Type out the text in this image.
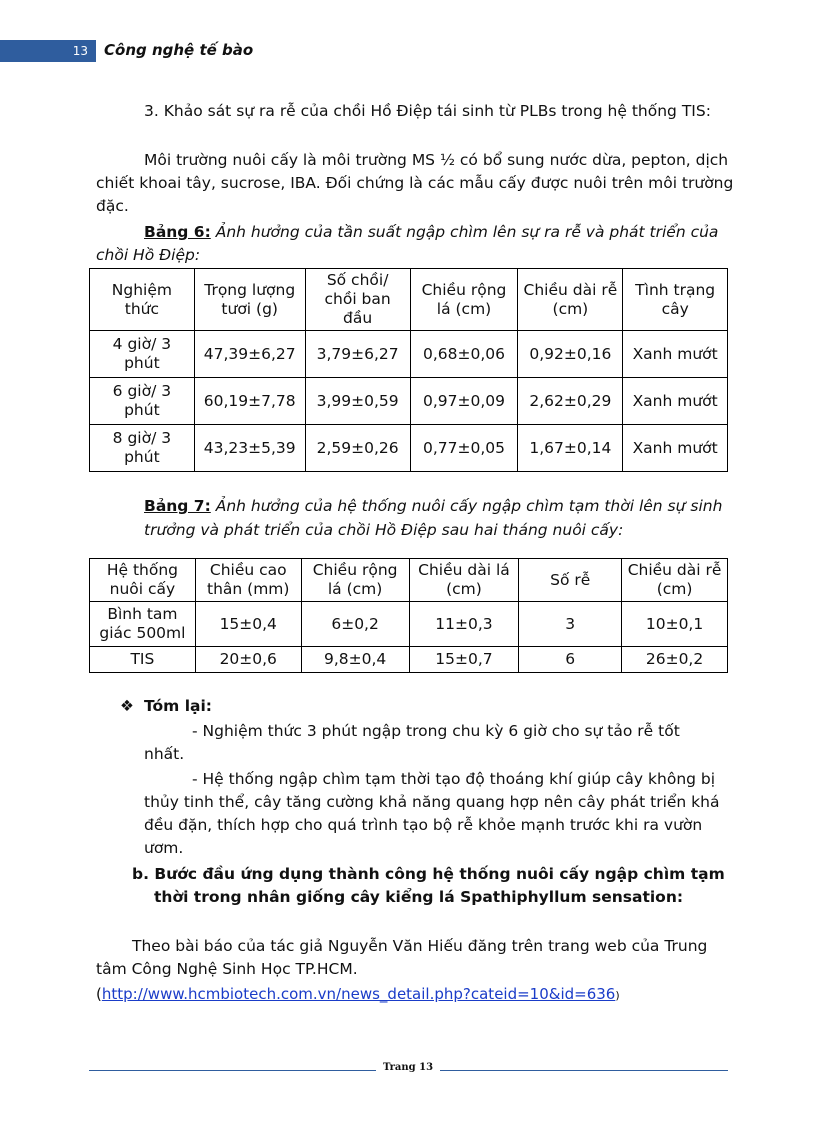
13	Công nghệ tế bào

3. Khảo sát sự ra rễ của chồi Hồ Điệp tái sinh từ PLBs trong hệ thống TIS:

Môi trường nuôi cấy là môi trường MS ½ có bổ sung nước dừa, pepton, dịch chiết khoai tây, sucrose, IBA. Đối chứng là các mẫu cấy được nuôi trên môi trường đặc.

Bảng 6: Ảnh hưởng của tần suất ngập chìm lên sự ra rễ và phát triển của chồi Hồ Điệp:

Nghiệm thức	Trọng lượng tươi (g)	Số chồi/ chồi ban đầu	Chiều rộng lá (cm)	Chiều dài rễ (cm)	Tình trạng cây
4 giờ/ 3 phút	47,39±6,27	3,79±6,27	0,68±0,06	0,92±0,16	Xanh mướt
6 giờ/ 3 phút	60,19±7,78	3,99±0,59	0,97±0,09	2,62±0,29	Xanh mướt
8 giờ/ 3 phút	43,23±5,39	2,59±0,26	0,77±0,05	1,67±0,14	Xanh mướt

Bảng 7: Ảnh hưởng của hệ thống nuôi cấy ngập chìm tạm thời lên sự sinh trưởng và phát triển của chồi Hồ Điệp sau hai tháng nuôi cấy:

Hệ thống nuôi cấy	Chiều cao thân (mm)	Chiều rộng lá (cm)	Chiều dài lá (cm)	Số rễ	Chiều dài rễ (cm)
Bình tam giác 500ml	15±0,4	6±0,2	11±0,3	3	10±0,1
TIS	20±0,6	9,8±0,4	15±0,7	6	26±0,2
❖ Tóm lại:

- Nghiệm thức 3 phút ngập trong chu kỳ 6 giờ cho sự tảo rễ tốt nhất.

- Hệ thống ngập chìm tạm thời tạo độ thoáng khí giúp cây không bị thủy tinh thể, cây tăng cường khả năng quang hợp nên cây phát triển khá đều đặn, thích hợp cho quá trình tạo bộ rễ khỏe mạnh trước khi ra vườn ươm.

b. Bước đầu ứng dụng thành công hệ thống nuôi cấy ngập chìm tạm thời trong nhân giống cây kiểng lá Spathiphyllum sensation:

Theo bài báo của tác giả Nguyễn Văn Hiếu đăng trên trang web của Trung tâm Công Nghệ Sinh Học TP.HCM.

(http://www.hcmbiotech.com.vn/news_detail.php?cateid=10&id=636)

Trang 13
